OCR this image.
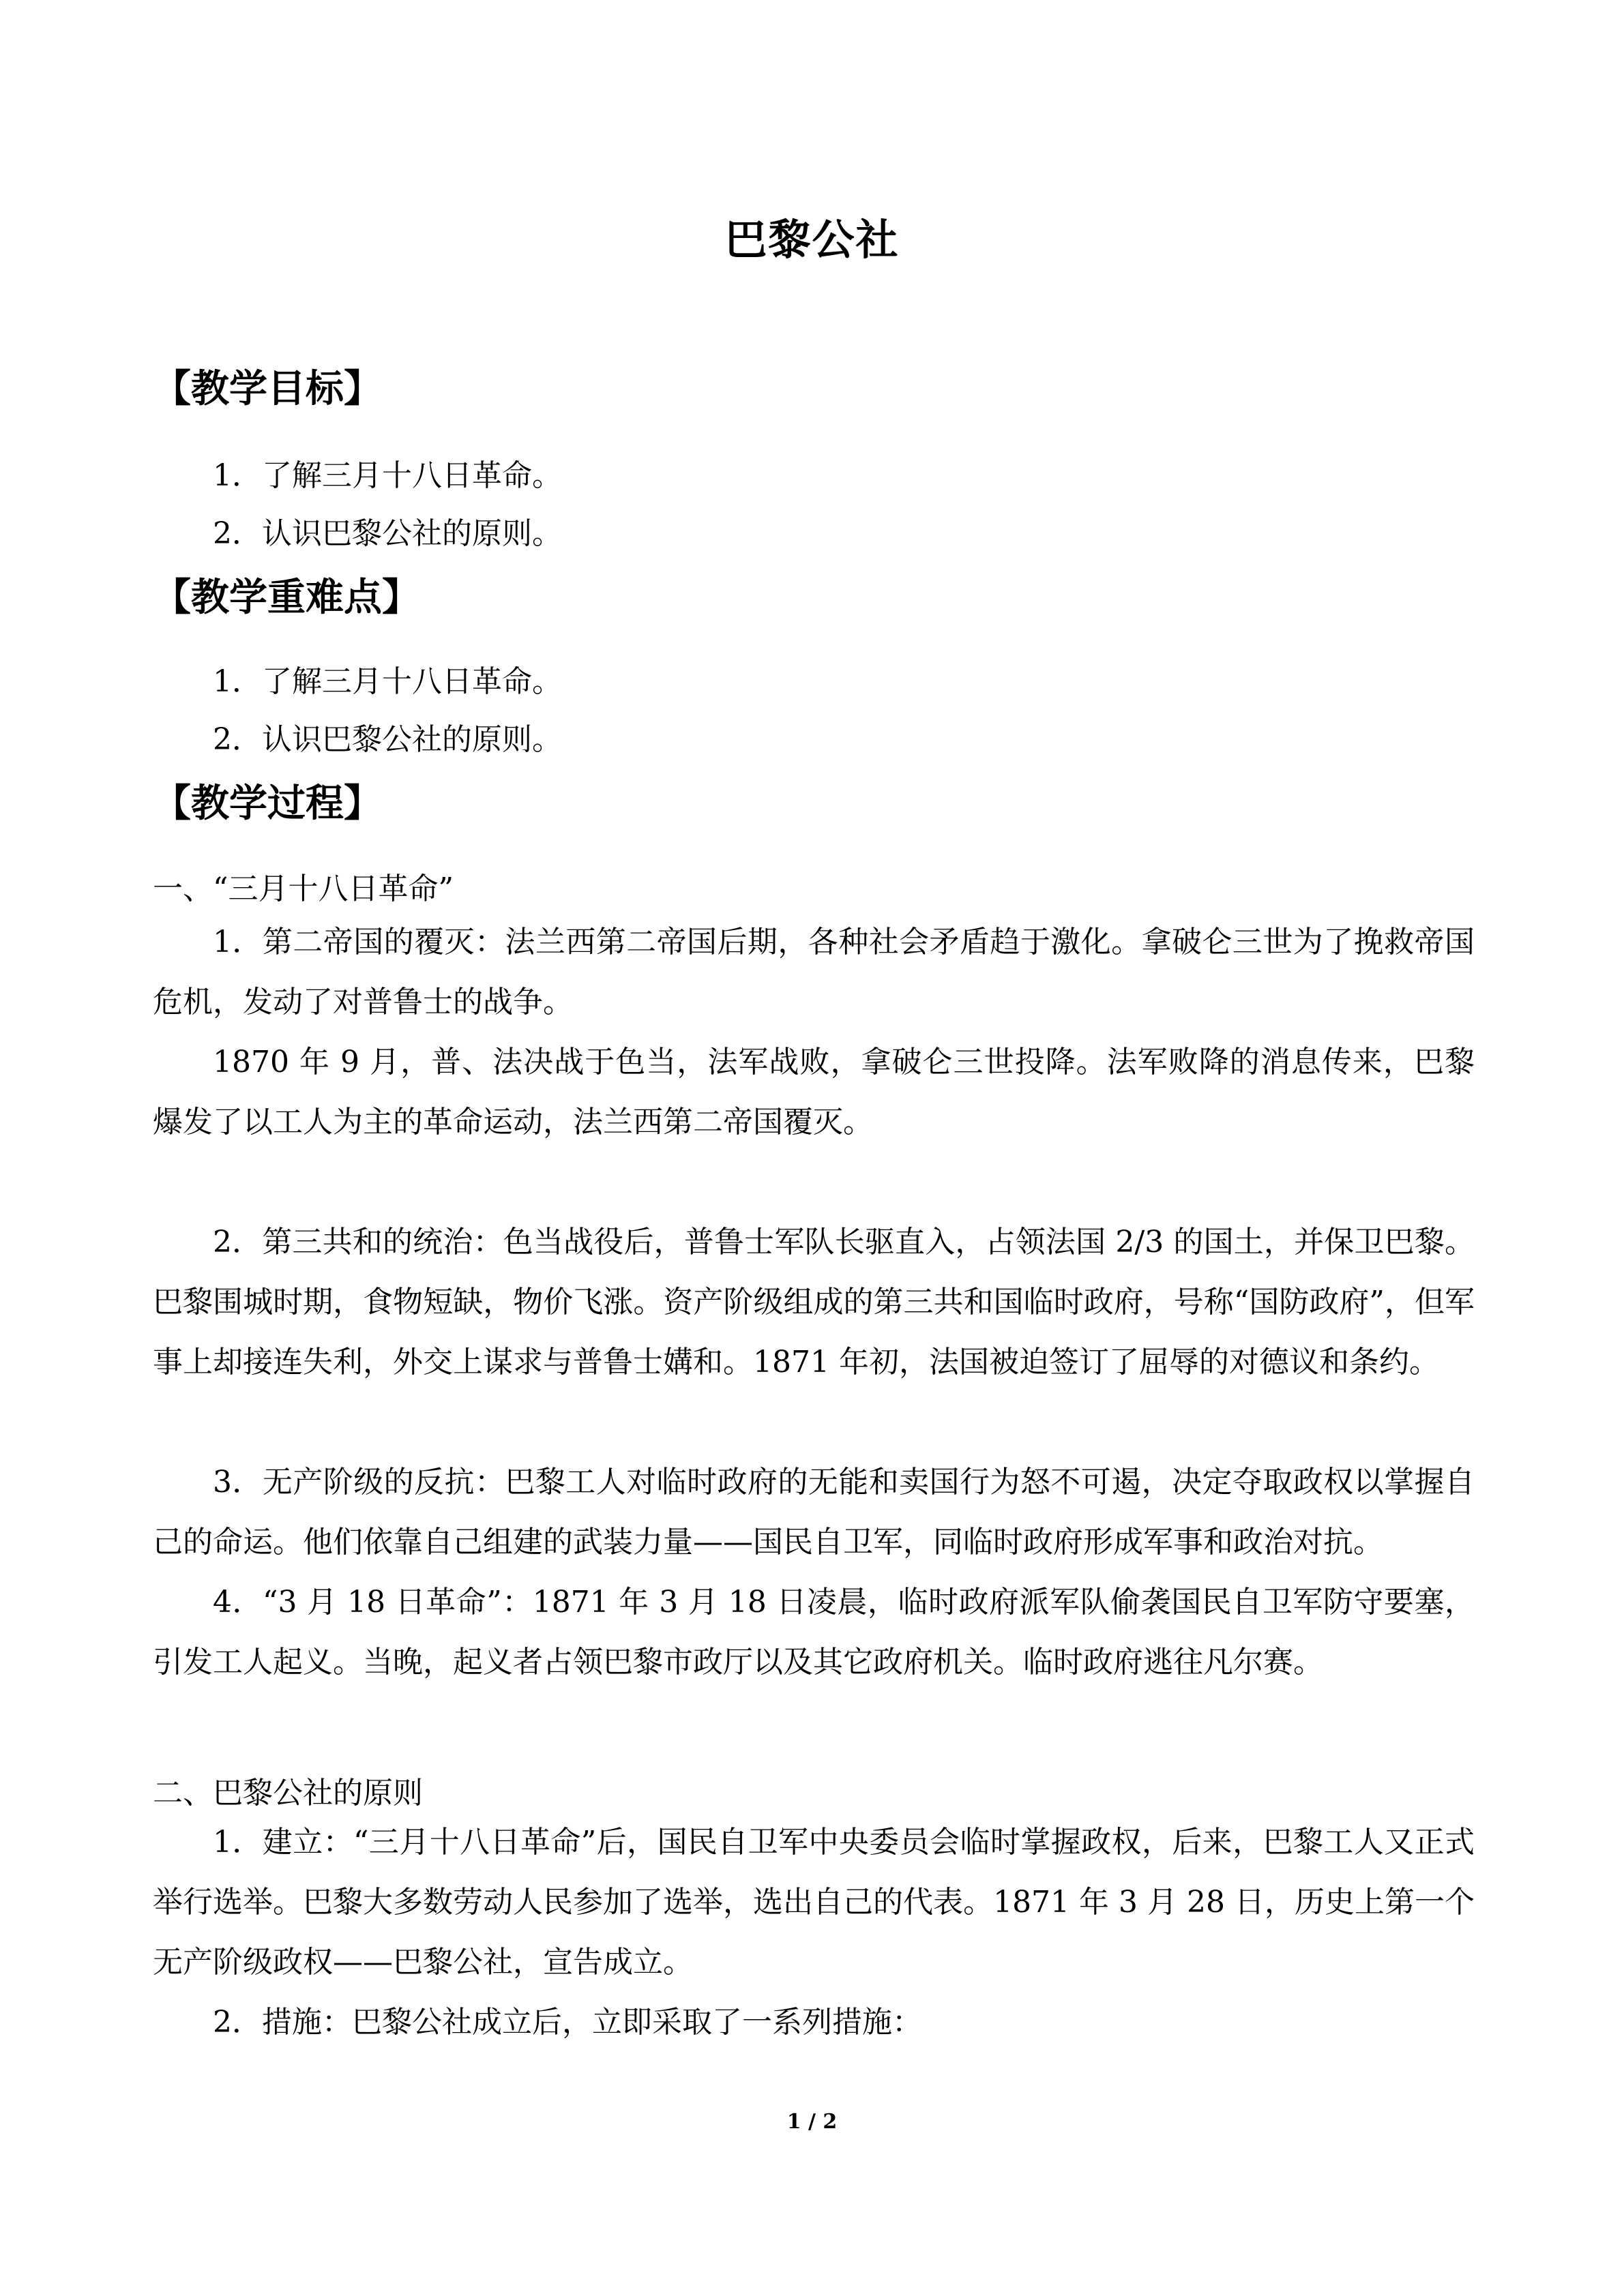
巴黎公社
【教学目标】
1．了解三月十八日革命。
2．认识巴黎公社的原则。
【教学重难点】
1．了解三月十八日革命。
2．认识巴黎公社的原则。
【教学过程】
一、“三月十八日革命”
1．第二帝国的覆灭：法兰西第二帝国后期，各种社会矛盾趋于激化。拿破仑三世为了挽救帝国危机，发动了对普鲁士的战争。
1870 年 9 月，普、法决战于色当，法军战败，拿破仑三世投降。法军败降的消息传来，巴黎爆发了以工人为主的革命运动，法兰西第二帝国覆灭。
2．第三共和的统治：色当战役后，普鲁士军队长驱直入，占领法国 2/3 的国土，并保卫巴黎。巴黎围城时期，食物短缺，物价飞涨。资产阶级组成的第三共和国临时政府，号称“国防政府”，但军事上却接连失利，外交上谋求与普鲁士媾和。1871 年初，法国被迫签订了屈辱的对德议和条约。
3．无产阶级的反抗：巴黎工人对临时政府的无能和卖国行为怒不可遏，决定夺取政权以掌握自己的命运。他们依靠自己组建的武装力量——国民自卫军，同临时政府形成军事和政治对抗。
4．“3 月 18 日革命”：1871 年 3 月 18 日凌晨，临时政府派军队偷袭国民自卫军防守要塞，引发工人起义。当晚，起义者占领巴黎市政厅以及其它政府机关。临时政府逃往凡尔赛。
二、巴黎公社的原则
1．建立：“三月十八日革命”后，国民自卫军中央委员会临时掌握政权，后来，巴黎工人又正式举行选举。巴黎大多数劳动人民参加了选举，选出自己的代表。1871 年 3 月 28 日，历史上第一个无产阶级政权——巴黎公社，宣告成立。
2．措施：巴黎公社成立后，立即采取了一系列措施：
1 / 2
